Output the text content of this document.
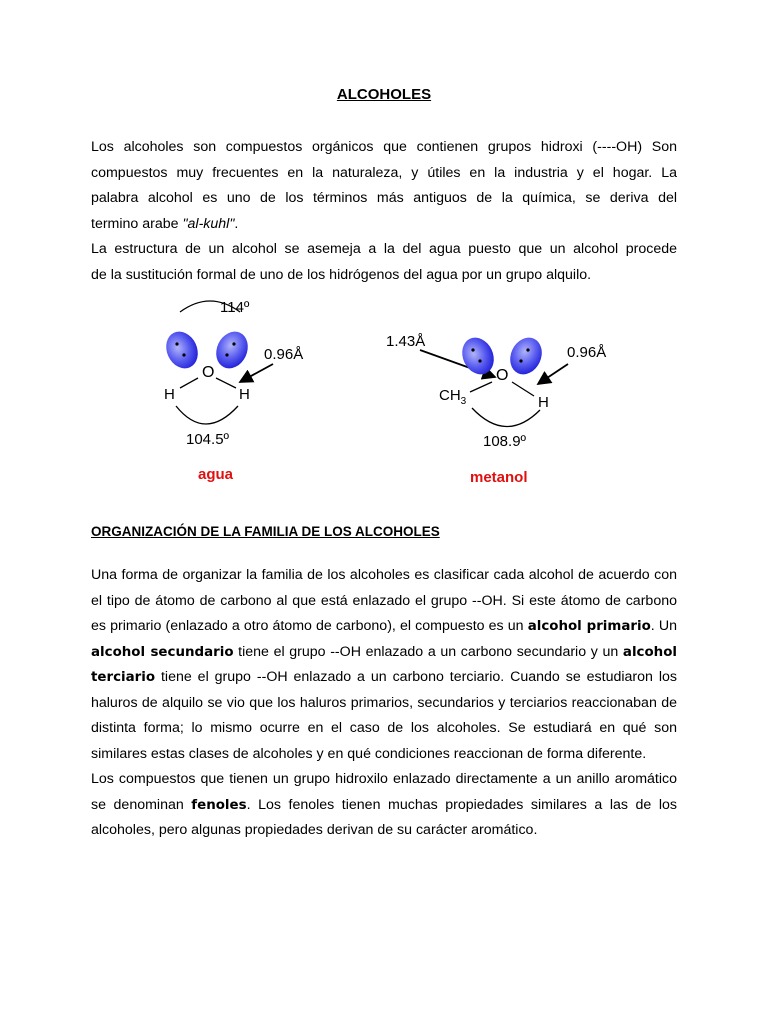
ALCOHOLES
Los alcoholes son compuestos orgánicos que contienen grupos hidroxi (----OH) Son
compuestos muy frecuentes en la naturaleza, y útiles en la industria y el hogar. La
palabra alcohol es uno de los términos más antiguos de la química, se deriva del
termino arabe "al-kuhl".
La estructura de un alcohol se asemeja a la del agua puesto que un alcohol procede
de la sustitución formal de uno de los hidrógenos del agua por un grupo alquilo.
114º
O
H	H
0.96Å
104.5º
agua
1.43Å
O
$CH_3$	H
0.96Å
108.9º
metanol
ORGANIZACIÓN DE LA FAMILIA DE LOS ALCOHOLES

Una forma de organizar la familia de los alcoholes es clasificar cada alcohol de acuerdo con el tipo de átomo de carbono al que está enlazado el grupo --OH. Si este átomo de carbono es primario (enlazado a otro átomo de carbono), el compuesto es un alcohol primario. Un alcohol secundario tiene el grupo --OH enlazado a un carbono secundario y un alcohol terciario tiene el grupo --OH enlazado a un carbono terciario. Cuando se estudiaron los haluros de alquilo se vio que los haluros primarios, secundarios y terciarios reaccionaban de distinta forma; lo mismo ocurre en el caso de los alcoholes. Se estudiará en qué son similares estas clases de alcoholes y en qué condiciones reaccionan de forma diferente.

Los compuestos que tienen un grupo hidroxilo enlazado directamente a un anillo aromático se denominan fenoles. Los fenoles tienen muchas propiedades similares a las de los alcoholes, pero algunas propiedades derivan de su carácter aromático.
